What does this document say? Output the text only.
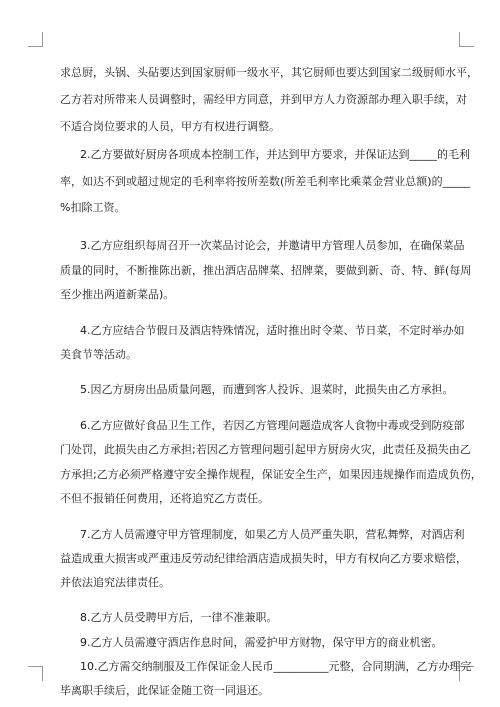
求总厨，头锅、头砧要达到国家厨师一级水平，其它厨师也要达到国家二级厨师水平，
乙方若对所带来人员调整时，需经甲方同意，并到甲方人力资源部办理入职手续，对
不适合岗位要求的人员，甲方有权进行调整。
2.乙方要做好厨房各项成本控制工作，并达到甲方要求，并保证达到_____的毛利
率，如达不到或超过规定的毛利率将按所差数(所差毛利率比乘菜金营业总额)的_____
%扣除工资。
3.乙方应组织每周召开一次菜品讨论会，并邀请甲方管理人员参加，在确保菜品
质量的同时，不断推陈出新，推出酒店品牌菜、招牌菜，要做到新、奇、特、鲜(每周
至少推出两道新菜品)。
4.乙方应结合节假日及酒店特殊情况，适时推出时令菜、节日菜，不定时举办如
美食节等活动。
5.因乙方厨房出品质量问题，而遭到客人投诉、退菜时，此损失由乙方承担。
6.乙方应做好食品卫生工作，若因乙方管理问题造成客人食物中毒或受到防疫部
门处罚，此损失由乙方承担;若因乙方管理问题引起甲方厨房火灾，此责任及损失由乙
方承担;乙方必须严格遵守安全操作规程，保证安全生产，如果因违规操作而造成负伤，
不但不报销任何费用，还将追究乙方责任。
7.乙方人员需遵守甲方管理制度，如果乙方人员严重失职，营私舞弊，对酒店利
益造成重大损害或严重违反劳动纪律给酒店造成损失时，甲方有权向乙方要求赔偿，
并依法追究法律责任。
8.乙方人员受聘甲方后，一律不准兼职。
9.乙方人员需遵守酒店作息时间，需爱护甲方财物，保守甲方的商业机密。
10.乙方需交纳制服及工作保证金人民币__________元整，合同期满，乙方办理完
毕离职手续后，此保证金随工资一同退还。
